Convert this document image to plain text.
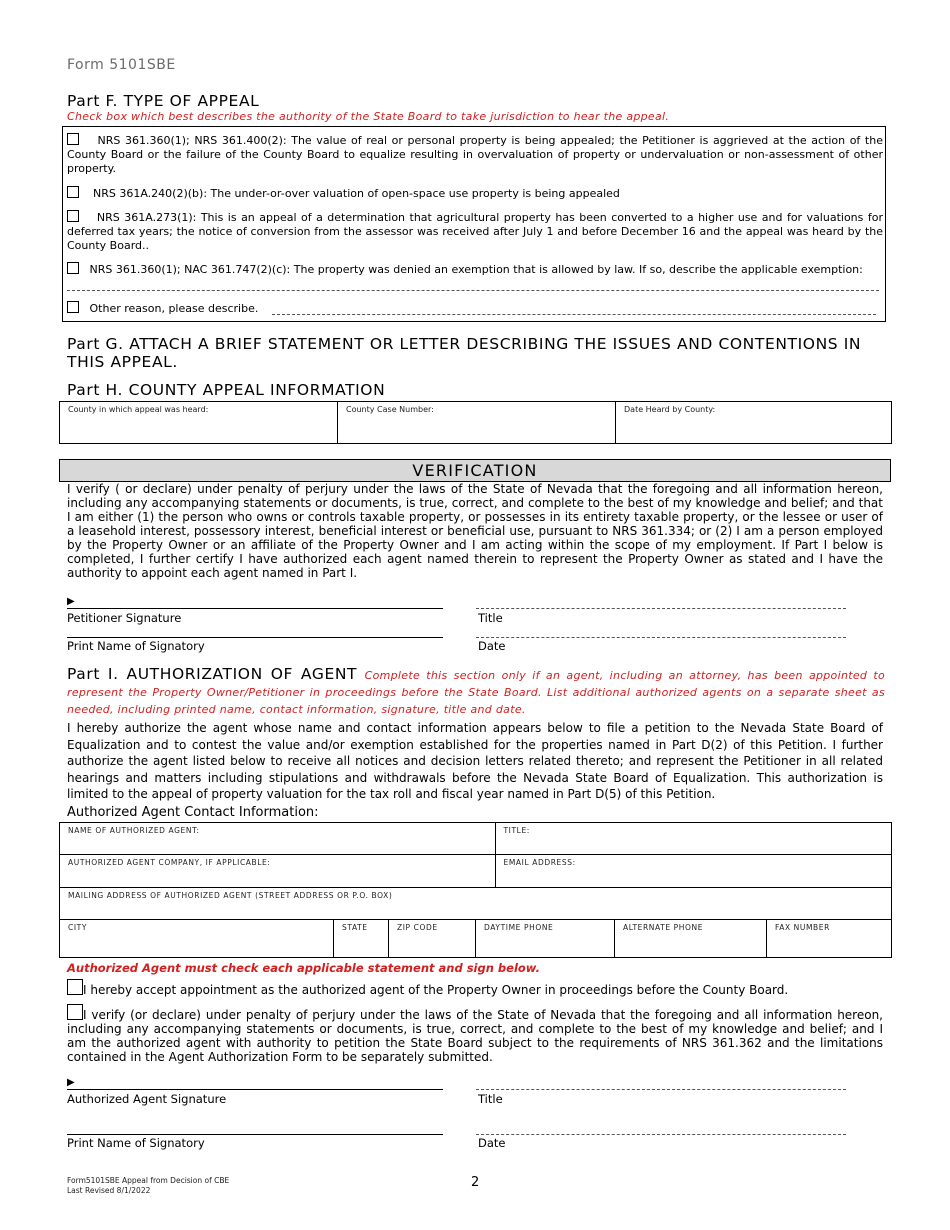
Form 5101SBE
Part F. TYPE OF APPEAL
Check box which best describes the authority of the State Board to take jurisdiction to hear the appeal.
NRS 361.360(1); NRS 361.400(2): The value of real or personal property is being appealed; the Petitioner is aggrieved at the action of the County Board or the failure of the County Board to equalize resulting in overvaluation of property or undervaluation or non-assessment of other property.
NRS 361A.240(2)(b): The under-or-over valuation of open-space use property is being appealed
NRS 361A.273(1): This is an appeal of a determination that agricultural property has been converted to a higher use and for valuations for deferred tax years; the notice of conversion from the assessor was received after July 1 and before December 16 and the appeal was heard by the County Board..
NRS 361.360(1); NAC 361.747(2)(c): The property was denied an exemption that is allowed by law. If so, describe the applicable exemption:
Other reason, please describe.
Part G. ATTACH A BRIEF STATEMENT OR LETTER DESCRIBING THE ISSUES AND CONTENTIONS IN THIS APPEAL.
Part H. COUNTY APPEAL INFORMATION
County in which appeal was heard:	County Case Number:	Date Heard by County:
VERIFICATION
I verify ( or declare) under penalty of perjury under the laws of the State of Nevada that the foregoing and all information hereon, including any accompanying statements or documents, is true, correct, and complete to the best of my knowledge and belief; and that I am either (1) the person who owns or controls taxable property, or possesses in its entirety taxable property, or the lessee or user of a leasehold interest, possessory interest, beneficial interest or beneficial use, pursuant to NRS 361.334; or (2) I am a person employed by the Property Owner or an affiliate of the Property Owner and I am acting within the scope of my employment. If Part I below is completed, I further certify I have authorized each agent named therein to represent the Property Owner as stated and I have the authority to appoint each agent named in Part I.
▶
Petitioner Signature	Title
Print Name of Signatory	Date
Part I. AUTHORIZATION OF AGENT Complete this section only if an agent, including an attorney, has been appointed to represent the Property Owner/Petitioner in proceedings before the State Board. List additional authorized agents on a separate sheet as needed, including printed name, contact information, signature, title and date.
I hereby authorize the agent whose name and contact information appears below to file a petition to the Nevada State Board of Equalization and to contest the value and/or exemption established for the properties named in Part D(2) of this Petition. I further authorize the agent listed below to receive all notices and decision letters related thereto; and represent the Petitioner in all related hearings and matters including stipulations and withdrawals before the Nevada State Board of Equalization. This authorization is limited to the appeal of property valuation for the tax roll and fiscal year named in Part D(5) of this Petition.
Authorized Agent Contact Information:
NAME OF AUTHORIZED AGENT:				TITLE:		

AUTHORIZED AGENT COMPANY, IF APPLICABLE:				EMAIL ADDRESS:		

MAILING ADDRESS OF AUTHORIZED AGENT (STREET ADDRESS OR P.O. BOX)						

CITY	STATE	ZIP CODE		DAYTIME PHONE	ALTERNATE PHONE	FAX NUMBER
Authorized Agent must check each applicable statement and sign below.
I hereby accept appointment as the authorized agent of the Property Owner in proceedings before the County Board.
I verify (or declare) under penalty of perjury under the laws of the State of Nevada that the foregoing and all information hereon, including any accompanying statements or documents, is true, correct, and complete to the best of my knowledge and belief; and I am the authorized agent with authority to petition the State Board subject to the requirements of NRS 361.362 and the limitations contained in the Agent Authorization Form to be separately submitted.
▶
Authorized Agent Signature	Title
Print Name of Signatory	Date
Form5101SBE Appeal from Decision of CBE
Last Revised 8/1/2022
2
